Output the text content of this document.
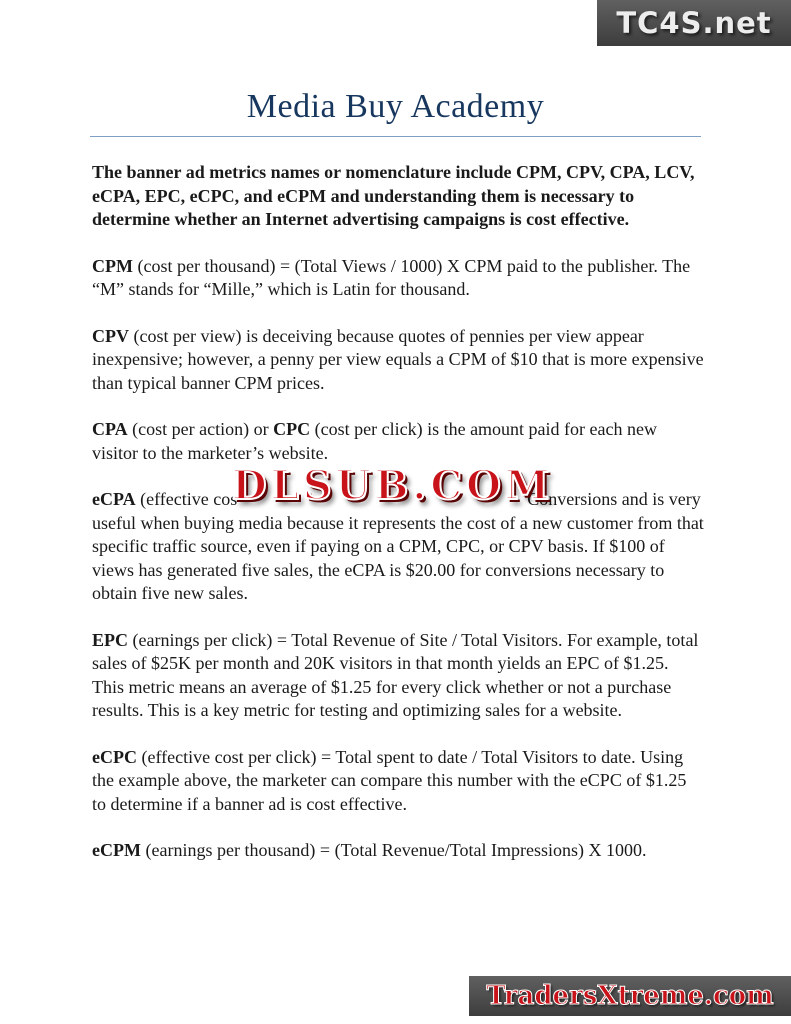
TC4S.net
Media Buy Academy

The banner ad metrics names or nomenclature include CPM, CPV, CPA, LCV, eCPA, EPC, eCPC, and eCPM and understanding them is necessary to determine whether an Internet advertising campaigns is cost effective.

CPM (cost per thousand) = (Total Views / 1000) X CPM paid to the publisher. The “M” stands for “Mille,” which is Latin for thousand.

CPV (cost per view) is deceiving because quotes of pennies per view appear inexpensive; however, a penny per view equals a CPM of $10 that is more expensive than typical banner CPM prices.

CPA (cost per action) or CPC (cost per click) is the amount paid for each new visitor to the marketer’s website.

eCPA (effective cos	Conversions and is very useful when buying media because it represents the cost of a new customer from that specific traffic source, even if paying on a CPM, CPC, or CPV basis. If $100 of views has generated five sales, the eCPA is $20.00 for conversions necessary to obtain five new sales.
DLSUB.COM

EPC (earnings per click) = Total Revenue of Site / Total Visitors. For example, total sales of $25K per month and 20K visitors in that month yields an EPC of $1.25. This metric means an average of $1.25 for every click whether or not a purchase results. This is a key metric for testing and optimizing sales for a website.

eCPC (effective cost per click) = Total spent to date / Total Visitors to date. Using the example above, the marketer can compare this number with the eCPC of $1.25 to determine if a banner ad is cost effective.

eCPM (earnings per thousand) = (Total Revenue/Total Impressions) X 1000.

TradersXtreme.com
